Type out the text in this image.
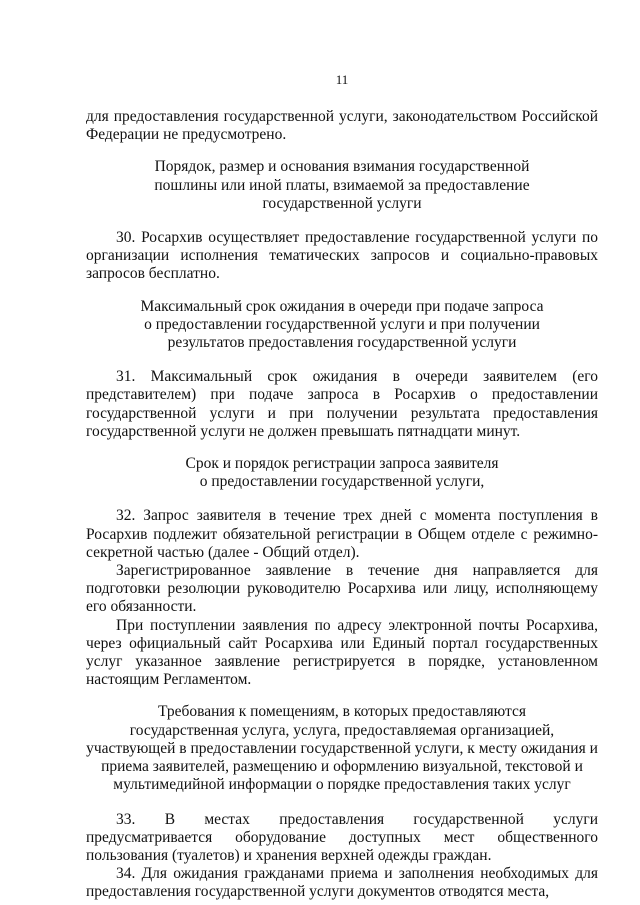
11

для предоставления государственной услуги, законодательством Российской Федерации не предусмотрено.

Порядок, размер и основания взимания государственной
пошлины или иной платы, взимаемой за предоставление
государственной услуги

30. Росархив осуществляет предоставление государственной услуги по организации исполнения тематических запросов и социально-правовых запросов бесплатно.

Максимальный срок ожидания в очереди при подаче запроса
о предоставлении государственной услуги и при получении
результатов предоставления государственной услуги

31. Максимальный срок ожидания в очереди заявителем (его представителем) при подаче запроса в Росархив о предоставлении государственной услуги и при получении результата предоставления государственной услуги не должен превышать пятнадцати минут.

Срок и порядок регистрации запроса заявителя
о предоставлении государственной услуги,

32. Запрос заявителя в течение трех дней с момента поступления в Росархив подлежит обязательной регистрации в Общем отделе с режимно-секретной частью (далее - Общий отдел).

Зарегистрированное заявление в течение дня направляется для подготовки резолюции руководителю Росархива или лицу, исполняющему его обязанности.

При поступлении заявления по адресу электронной почты Росархива, через официальный сайт Росархива или Единый портал государственных услуг указанное заявление регистрируется в порядке, установленном настоящим Регламентом.

Требования к помещениям, в которых предоставляются
государственная услуга, услуга, предоставляемая организацией,
участвующей в предоставлении государственной услуги, к месту ожидания и
приема заявителей, размещению и оформлению визуальной, текстовой и
мультимедийной информации о порядке предоставления таких услуг

33. В местах предоставления государственной услуги предусматривается оборудование доступных мест общественного пользования (туалетов) и хранения верхней одежды граждан.

34. Для ожидания гражданами приема и заполнения необходимых для предоставления государственной услуги документов отводятся места,
